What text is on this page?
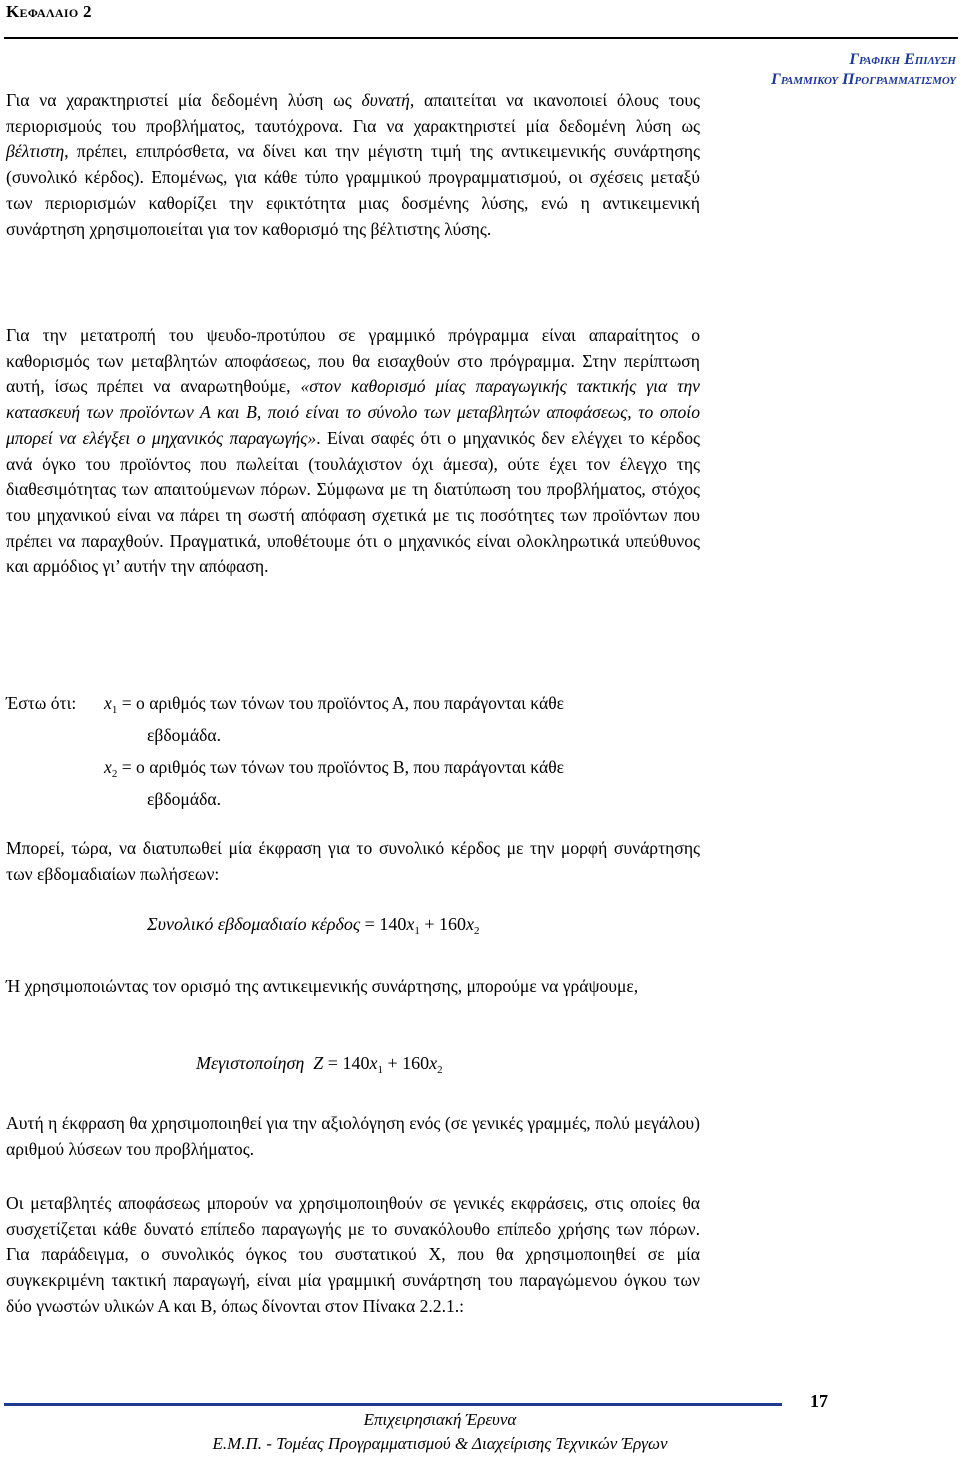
Κεφαλαιο 2
Γραφικη Επιλυση
Γραμμικου Προγραμματισμου

Για να χαρακτηριστεί μία δεδομένη λύση ως δυνατή, απαιτείται να ικανοποιεί όλους τους περιορισμούς του προβλήματος, ταυτόχρονα. Για να χαρακτηριστεί μία δεδομένη λύση ως βέλτιστη, πρέπει, επιπρόσθετα, να δίνει και την μέγιστη τιμή της αντικειμενικής συνάρτησης (συνολικό κέρδος). Επομένως, για κάθε τύπο γραμμικού προγραμματισμού, οι σχέσεις μεταξύ των περιορισμών καθορίζει την εφικτότητα μιας δοσμένης λύσης, ενώ η αντικειμενική συνάρτηση χρησιμοποιείται για τον καθορισμό της βέλτιστης λύσης.

Για την μετατροπή του ψευδο-προτύπου σε γραμμικό πρόγραμμα είναι απαραίτητος ο καθορισμός των μεταβλητών αποφάσεως, που θα εισαχθούν στο πρόγραμμα. Στην περίπτωση αυτή, ίσως πρέπει να αναρωτηθούμε, «στον καθορισμό μίας παραγωγικής τακτικής για την κατασκευή των προϊόντων Α και Β, ποιό είναι το σύνολο των μεταβλητών αποφάσεως, το οποίο μπορεί να ελέγξει ο μηχανικός παραγωγής». Είναι σαφές ότι ο μηχανικός δεν ελέγχει το κέρδος ανά όγκο του προϊόντος που πωλείται (τουλάχιστον όχι άμεσα), ούτε έχει τον έλεγχο της διαθεσιμότητας των απαιτούμενων πόρων. Σύμφωνα με τη διατύπωση του προβλήματος, στόχος του μηχανικού είναι να πάρει τη σωστή απόφαση σχετικά με τις ποσότητες των προϊόντων που πρέπει να παραχθούν. Πραγματικά, υποθέτουμε ότι ο μηχανικός είναι ολοκληρωτικά υπεύθυνος και αρμόδιος γι’ αυτήν την απόφαση.

Έστω ότι: $x_1 = o$ αριθμός των τόνων του προϊόντος Α, που παράγονται κάθε
εβδομάδα.
$x_2 = o$ αριθμός των τόνων του προϊόντος Β, που παράγονται κάθε
εβδομάδα.

Μπορεί, τώρα, να διατυπωθεί μία έκφραση για το συνολικό κέρδος με την μορφή συνάρτησης των εβδομαδιαίων πωλήσεων:

Συνολικό εβδομαδιαίο $\kappa έ\rho\delta o\varsigma = 140x_1 + 160x_2$

Ή χρησιμοποιώντας τον ορισμό της αντικειμενικής συνάρτησης, μπορούμε να γράψουμε,

Μεγιστοποίηση $Z = 140x_1 + 160x_2$

Αυτή η έκφραση θα χρησιμοποιηθεί για την αξιολόγηση ενός (σε γενικές γραμμές, πολύ μεγάλου) αριθμού λύσεων του προβλήματος.

Οι μεταβλητές αποφάσεως μπορούν να χρησιμοποιηθούν σε γενικές εκφράσεις, στις οποίες θα συσχετίζεται κάθε δυνατό επίπεδο παραγωγής με το συνακόλουθο επίπεδο χρήσης των πόρων. Για παράδειγμα, ο συνολικός όγκος του συστατικού Χ, που θα χρησιμοποιηθεί σε μία συγκεκριμένη τακτική παραγωγή, είναι μία γραμμική συνάρτηση του παραγώμενου όγκου των δύο γνωστών υλικών Α και Β, όπως δίνονται στον Πίνακα 2.2.1.:

17
Επιχειρησιακή Έρευνα
Ε.Μ.Π. - Τομέας Προγραμματισμού & Διαχείρισης Τεχνικών Έργων
